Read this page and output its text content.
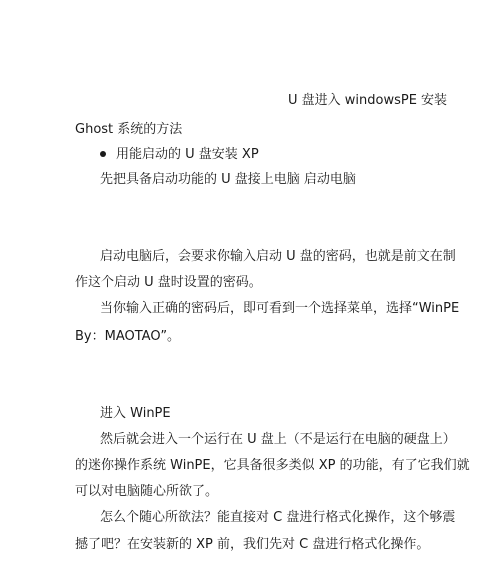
U 盘进入 windowsPE 安装
Ghost 系统的方法
用能启动的 U 盘安装 XP
先把具备启动功能的 U 盘接上电脑 启动电脑
启动电脑后，会要求你输入启动 U 盘的密码，也就是前文在制
作这个启动 U 盘时设置的密码。
当你输入正确的密码后，即可看到一个选择菜单，选择“WinPE
By：MAOTAO”。
进入 WinPE
然后就会进入一个运行在 U 盘上（不是运行在电脑的硬盘上）
的迷你操作系统 WinPE，它具备很多类似 XP 的功能，有了它我们就
可以对电脑随心所欲了。
怎么个随心所欲法？能直接对 C 盘进行格式化操作，这个够震
撼了吧？在安装新的 XP 前，我们先对 C 盘进行格式化操作。
